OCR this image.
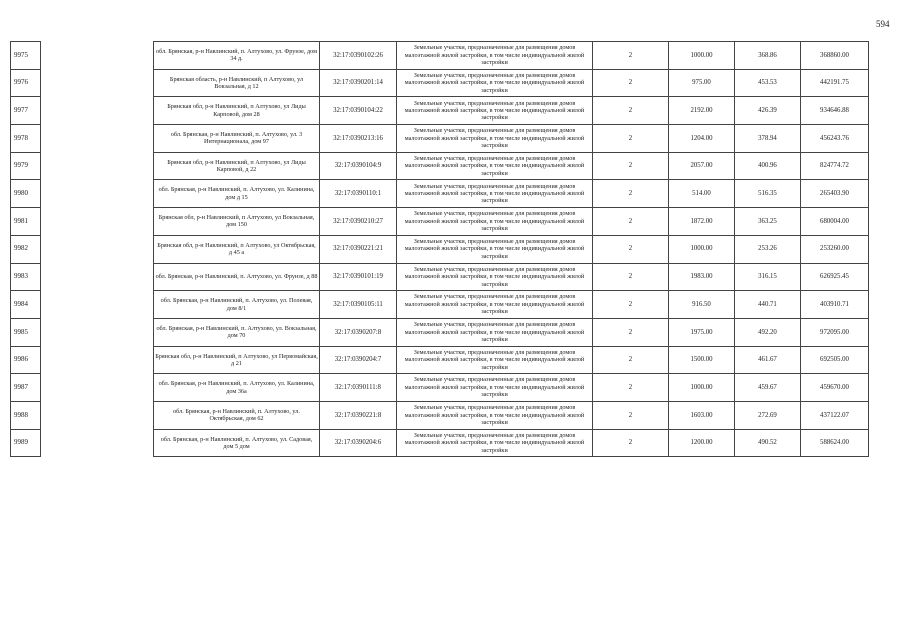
594
9975		обл. Брянская, р-н Навлинский, п. Алтухово, ул. Фрунзе, дом 34 д.	32:17:0390102:26	Земельные участки, предназначенные для размещения домов малоэтажной жилой застройки, в том числе индивидуальной жилой застройки	2	1000.00	368.86	368860.00
9976		Брянская область, р-н Навлинский, п Алтухово, ул Вокзальная, д 12	32:17:0390201:14	Земельные участки, предназначенные для размещения домов малоэтажной жилой застройки, в том числе индивидуальной жилой застройки	2	975.00	453.53	442191.75
9977		Брянская обл, р-н Навлинский, п Алтухово, ул Лиды Карповой, дом 28	32:17:0390104:22	Земельные участки, предназначенные для размещения домов малоэтажной жилой застройки, в том числе индивидуальной жилой застройки	2	2192.00	426.39	934646.88
9978		обл. Брянская, р-н Навлинский, п. Алтухово, ул. 3 Интернационала, дом 97	32:17:0390213:16	Земельные участки, предназначенные для размещения домов малоэтажной жилой застройки, в том числе индивидуальной жилой застройки	2	1204.00	378.94	456243.76
9979		Брянская обл, р-н Навлинский, п Алтухово, ул Лиды Карповой, д 22	32:17:0390104:9	Земельные участки, предназначенные для размещения домов малоэтажной жилой застройки, в том числе индивидуальной жилой застройки	2	2057.00	400.96	824774.72
9980		обл. Брянская, р-н Навлинский, п. Алтухово, ул. Калинина, дом д 15	32:17:0390110:1	Земельные участки, предназначенные для размещения домов малоэтажной жилой застройки, в том числе индивидуальной жилой застройки	2	514.00	516.35	265403.90
9981		Брянская обл, р-н Навлинский, п Алтухово, ул Вокзальная, дом 150	32:17:0390210:27	Земельные участки, предназначенные для размещения домов малоэтажной жилой застройки, в том числе индивидуальной жилой застройки	2	1872.00	363.25	680004.00
9982		Брянская обл, р-н Навлинский, п Алтухово, ул Октябрьская, д 45 а	32:17:0390221:21	Земельные участки, предназначенные для размещения домов малоэтажной жилой застройки, в том числе индивидуальной жилой застройки	2	1000.00	253.26	253260.00
9983		обл. Брянская, р-н Навлинский, п. Алтухово, ул. Фрунзе, д 88	32:17:0390101:19	Земельные участки, предназначенные для размещения домов малоэтажной жилой застройки, в том числе индивидуальной жилой застройки	2	1983.00	316.15	626925.45
9984		обл. Брянская, р-н Навлинский, п. Алтухово, ул. Полевая, дом 8/1	32:17:0390105:11	Земельные участки, предназначенные для размещения домов малоэтажной жилой застройки, в том числе индивидуальной жилой застройки	2	916.50	440.71	403910.71
9985		обл. Брянская, р-н Навлинский, п. Алтухово, ул. Вокзальная, дом 70	32:17:0390207:8	Земельные участки, предназначенные для размещения домов малоэтажной жилой застройки, в том числе индивидуальной жилой застройки	2	1975.00	492.20	972095.00
9986		Брянская обл, р-н Навлинский, п Алтухово, ул Первомайская, д 21	32:17:0390204:7	Земельные участки, предназначенные для размещения домов малоэтажной жилой застройки, в том числе индивидуальной жилой застройки	2	1500.00	461.67	692505.00
9987		обл. Брянская, р-н Навлинский, п. Алтухово, ул. Калинина, дом 36а	32:17:0390111:8	Земельные участки, предназначенные для размещения домов малоэтажной жилой застройки, в том числе индивидуальной жилой застройки	2	1000.00	459.67	459670.00
9988		обл. Брянская, р-н Навлинский, п. Алтухово, ул. Октябрьская, дом 62	32:17:0390221:8	Земельные участки, предназначенные для размещения домов малоэтажной жилой застройки, в том числе индивидуальной жилой застройки	2	1603.00	272.69	437122.07
9989		обл. Брянская, р-н Навлинский, п. Алтухово, ул. Садовая, дом 5 дом	32:17:0390204:6	Земельные участки, предназначенные для размещения домов малоэтажной жилой застройки, в том числе индивидуальной жилой застройки	2	1200.00	490.52	588624.00
